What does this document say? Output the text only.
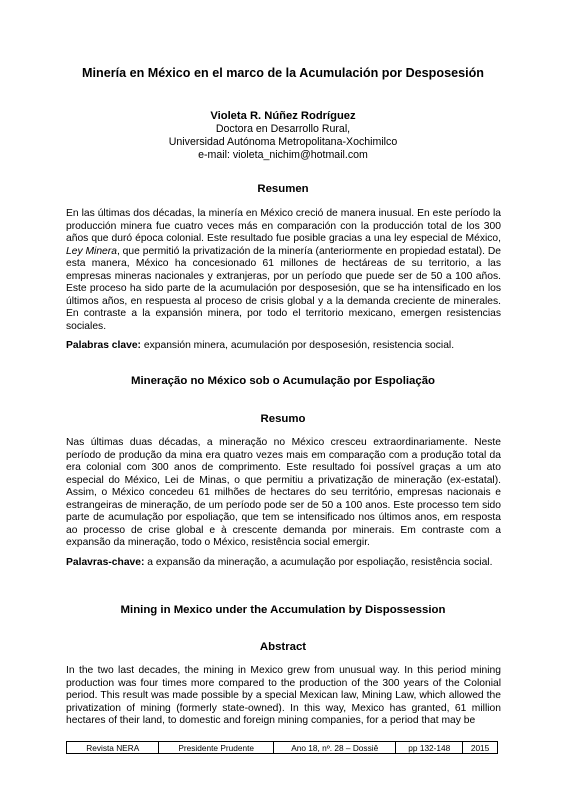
Minería en México en el marco de la Acumulación por Desposesión
Violeta R. Núñez Rodríguez
Doctora en Desarrollo Rural,
Universidad Autónoma Metropolitana-Xochimilco
e-mail: violeta_nichim@hotmail.com
Resumen
En las últimas dos décadas, la minería en México creció de manera inusual. En este período la producción minera fue cuatro veces más en comparación con la producción total de los 300 años que duró época colonial. Este resultado fue posible gracias a una ley especial de México, Ley Minera, que permitió la privatización de la minería (anteriormente en propiedad estatal). De esta manera, México ha concesionado 61 millones de hectáreas de su territorio, a las empresas mineras nacionales y extranjeras, por un período que puede ser de 50 a 100 años. Este proceso ha sido parte de la acumulación por desposesión, que se ha intensificado en los últimos años, en respuesta al proceso de crisis global y a la demanda creciente de minerales. En contraste a la expansión minera, por todo el territorio mexicano, emergen resistencias sociales.
Palabras clave: expansión minera, acumulación por desposesión, resistencia social.
Mineração no México sob o Acumulação por Espoliação
Resumo
Nas últimas duas décadas, a mineração no México cresceu extraordinariamente. Neste período de produção da mina era quatro vezes mais em comparação com a produção total da era colonial com 300 anos de comprimento. Este resultado foi possível graças a um ato especial do México, Lei de Minas, o que permitiu a privatização de mineração (ex-estatal). Assim, o México concedeu 61 milhões de hectares do seu território, empresas nacionais e estrangeiras de mineração, de um período pode ser de 50 a 100 anos. Este processo tem sido parte de acumulação por espoliação, que tem se intensificado nos últimos anos, em resposta ao processo de crise global e à crescente demanda por minerais. Em contraste com a expansão da mineração, todo o México, resistência social emergir.
Palavras-chave: a expansão da mineração, a acumulação por espoliação, resistência social.
Mining in Mexico under the Accumulation by Dispossession
Abstract
In the two last decades, the mining in Mexico grew from unusual way. In this period mining production was four times more compared to the production of the 300 years of the Colonial period. This result was made possible by a special Mexican law, Mining Law, which allowed the privatization of mining (formerly state-owned). In this way, Mexico has granted, 61 million hectares of their land, to domestic and foreign mining companies, for a period that may be
Revista NERA	Presidente Prudente	Ano 18, nº. 28 – Dossiê	pp 132-148	2015
